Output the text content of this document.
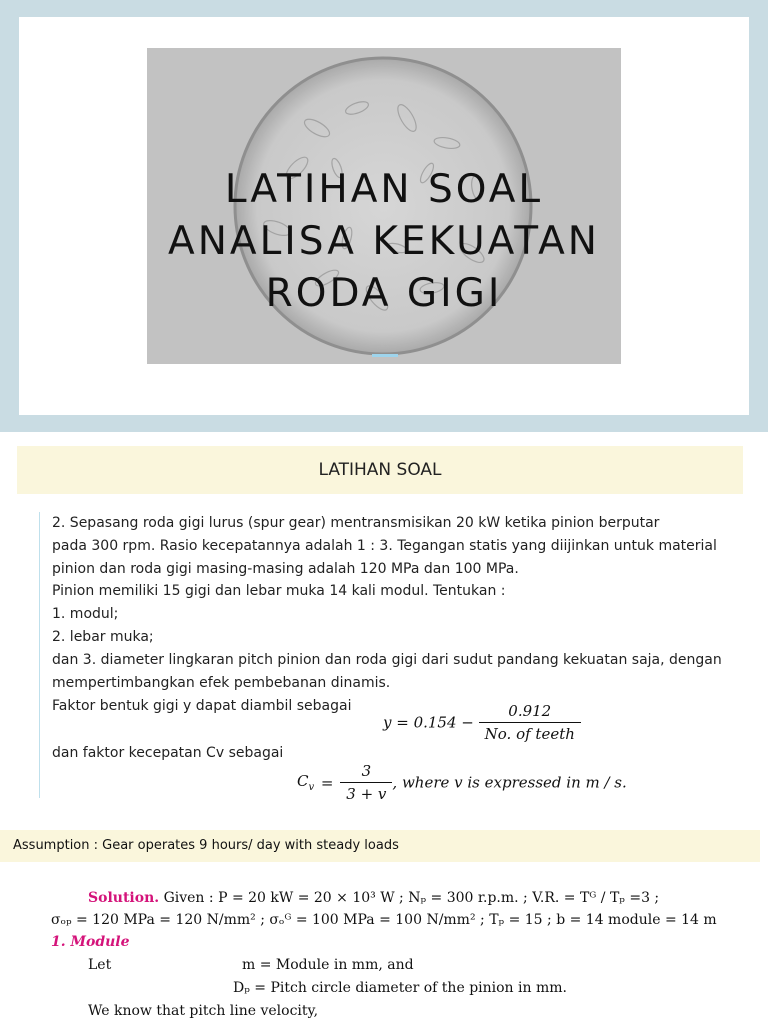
LATIHAN SOAL
ANALISA KEKUATAN
RODA GIGI
LATIHAN SOAL
2. Sepasang roda gigi lurus (spur gear) mentransmisikan 20 kW ketika pinion berputar
pada 300 rpm. Rasio kecepatannya adalah 1 : 3. Tegangan statis yang diijinkan untuk material
pinion dan roda gigi masing-masing adalah 120 MPa dan 100 MPa.
Pinion memiliki 15 gigi dan lebar muka 14 kali modul. Tentukan :
1. modul;
2. lebar muka;
dan 3. diameter lingkaran pitch pinion dan roda gigi dari sudut pandang kekuatan saja, dengan
mempertimbangkan efek pembebanan dinamis.
Faktor bentuk gigi y dapat diambil sebagai
dan faktor kecepatan Cv sebagai
$y = 0.154 - \frac{0.912}{\text{No. of teeth}}$
$C_v = \frac{3}{3 + v}$ , where v is expressed in m / s.
Assumption : Gear operates 9 hours/ day with steady loads
Solution. Given : P = 20 kW = 20 × 10³ W ; Nₚ = 300 r.p.m. ; V.R. = Tᴳ / Tₚ =3 ;
σₒₚ = 120 MPa = 120 N/mm² ; σₒᴳ = 100 MPa = 100 N/mm² ; Tₚ = 15 ; b = 14 module = 14 m
1. Module
Let	m = Module in mm, and
Dₚ = Pitch circle diameter of the pinion in mm.
We know that pitch line velocity,
